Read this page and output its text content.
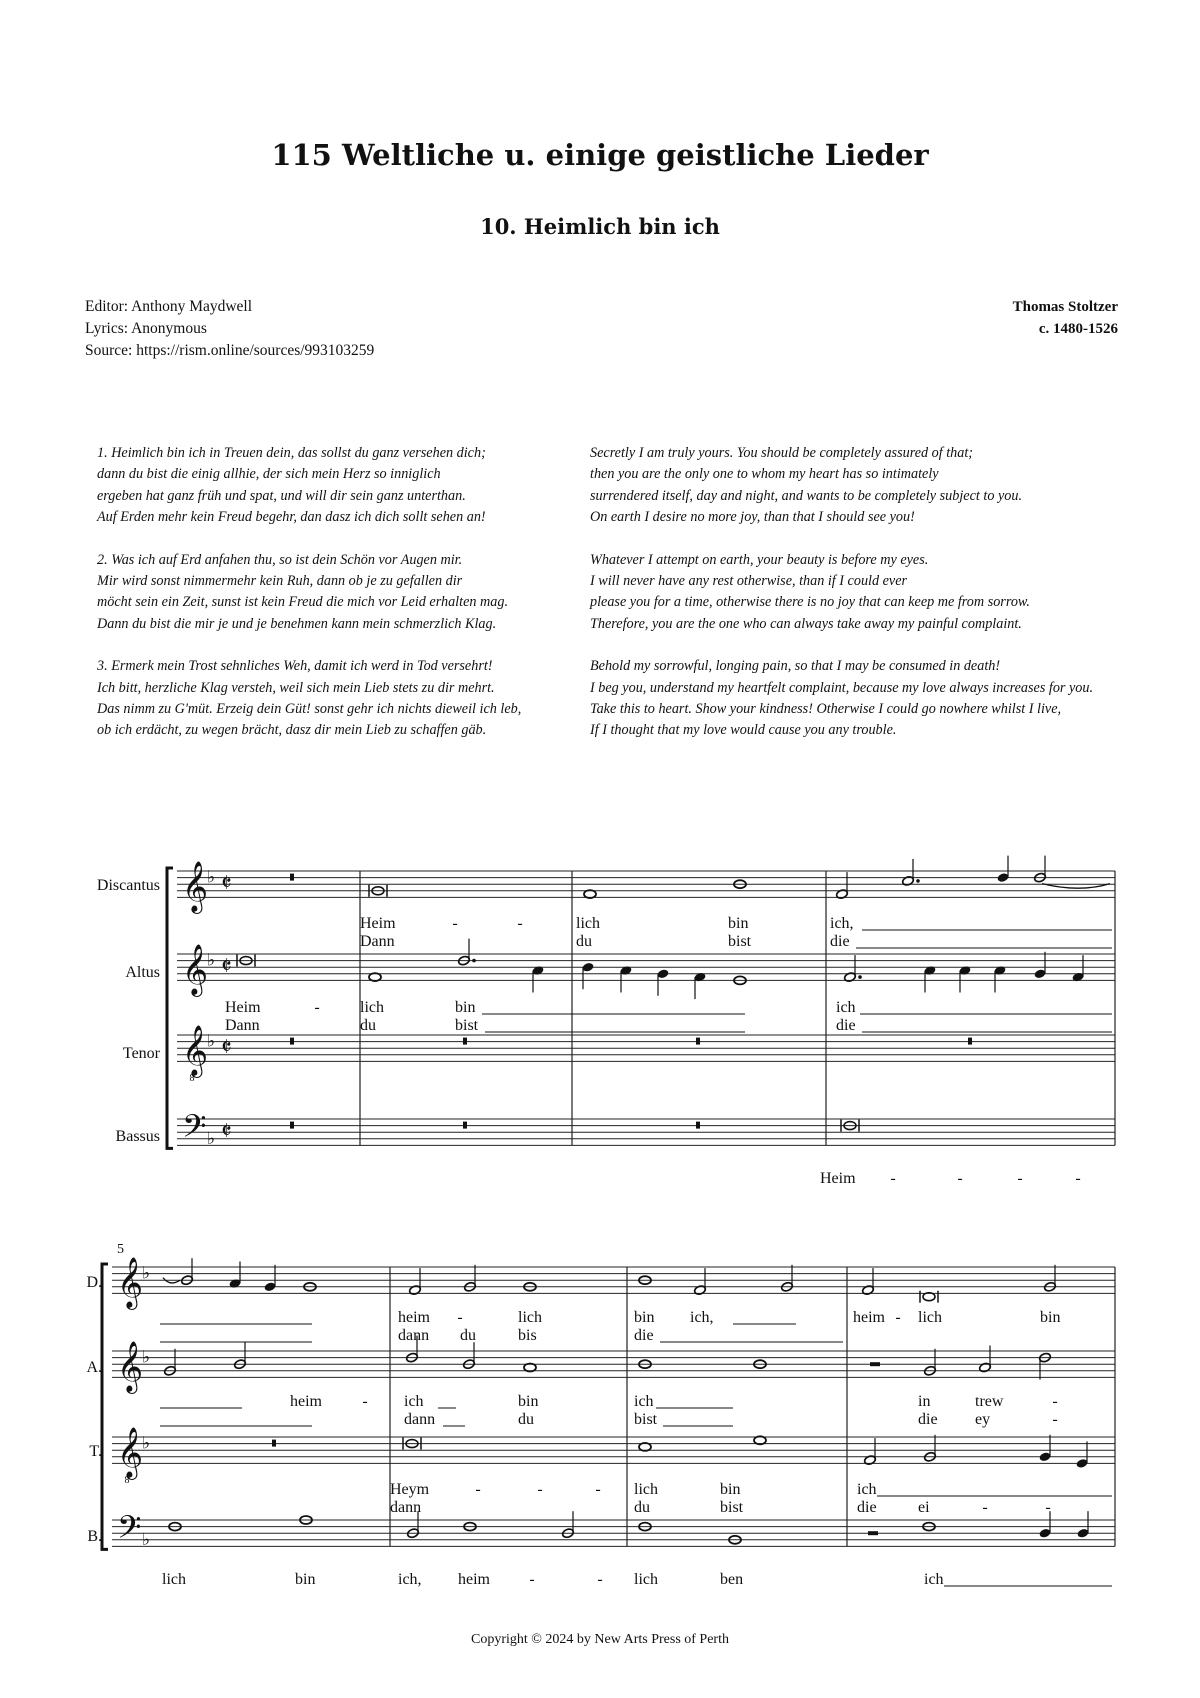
115 Weltliche u. einige geistliche Lieder
10. Heimlich bin ich
Editor: Anthony Maydwell
Lyrics: Anonymous
Source: https://rism.online/sources/993103259
Thomas Stoltzer
c. 1480-1526
1. Heimlich bin ich in Treuen dein, das sollst du ganz versehen dich;
dann du bist die einig allhie, der sich mein Herz so inniglich
ergeben hat ganz früh und spat, und will dir sein ganz unterthan.
Auf Erden mehr kein Freud begehr, dan dasz ich dich sollt sehen an!
2. Was ich auf Erd anfahen thu, so ist dein Schön vor Augen mir.
Mir wird sonst nimmermehr kein Ruh, dann ob je zu gefallen dir
möcht sein ein Zeit, sunst ist kein Freud die mich vor Leid erhalten mag.
Dann du bist die mir je und je benehmen kann mein schmerzlich Klag.
3. Ermerk mein Trost sehnliches Weh, damit ich werd in Tod versehrt!
Ich bitt, herzliche Klag versteh, weil sich mein Lieb stets zu dir mehrt.
Das nimm zu G'müt. Erzeig dein Güt! sonst gehr ich nichts dieweil ich leb,
ob ich erdächt, zu wegen brächt, dasz dir mein Lieb zu schaffen gäb.
Secretly I am truly yours. You should be completely assured of that;
then you are the only one to whom my heart has so intimately
surrendered itself, day and night, and wants to be completely subject to you.
On earth I desire no more joy, than that I should see you!
Whatever I attempt on earth, your beauty is before my eyes.
I will never have any rest otherwise, than if I could ever
please you for a time, otherwise there is no joy that can keep me from sorrow.
Therefore, you are the one who can always take away my painful complaint.
Behold my sorrowful, longing pain, so that I may be consumed in death!
I beg you, understand my heartfelt complaint, because my love always increases for you.
Take this to heart. Show your kindness! Otherwise I could go nowhere whilst I live,
If I thought that my love would cause you any trouble.
𝄞
♭ 𝄵
𝄞
♭ 𝄵
𝄞
8
♭ 𝄵
𝄢 ♭ 𝄵
Discantus
Altus
Tenor
Bassus
Heim	-	-	lich	bin	ich,
Dann	du	bist	die
Heim	-	lich	bin	ich
Dann	du	bist	die
Heim -	-	-	-
𝄞
♭
𝄞
♭
𝄞
8
♭
𝄢 ♭
5
D.
A.
T.
B.
heim -	lich	bin ich,	heim - lich	bin
dann du	bis	die
heim	- ich	bin	ich	in	trew	-
dann	du	bist	die ey	-
Heym	-	-	- lich	bin	ich
dann	du	bist	die	ei	-	-
lich	bin	ich, heim -	- lich	ben	ich
Copyright © 2024 by New Arts Press of Perth
